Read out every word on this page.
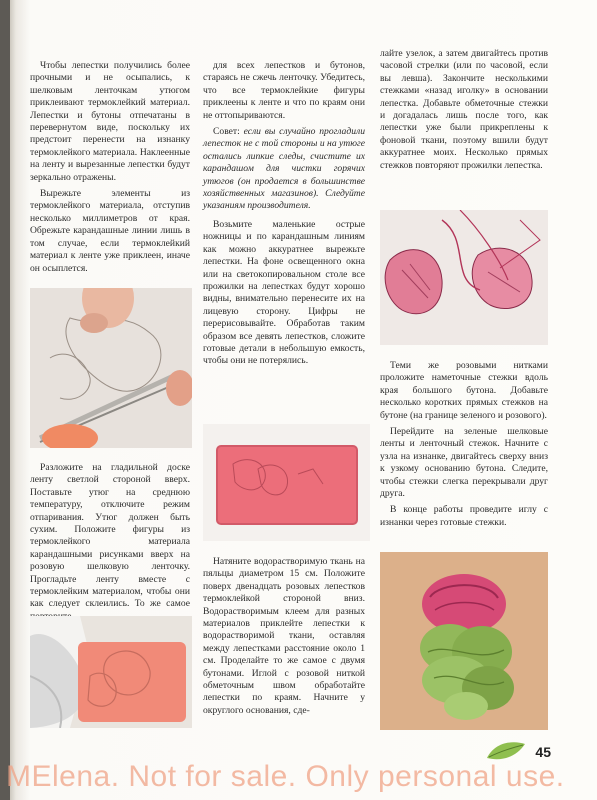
Чтобы лепестки получились более прочными и не осыпались, к шелковым ленточкам утюгом приклеивают термоклейкий материал. Лепестки и бутоны отпечатаны в перевернутом виде, поскольку их предстоит перенести на изнанку термоклейкого материала. Наклеенные на ленту и вырезанные лепестки будут зеркально отражены.

Вырежьте элементы из термоклейкого материала, отступив несколько миллиметров от края. Обрежьте карандашные линии лишь в том случае, если термоклейкий материал к ленте уже приклеен, иначе он осыплется.

Разложите на гладильной доске ленту светлой стороной вверх. Поставьте утюг на среднюю температуру, отключите режим отпаривания. Утюг должен быть сухим. Положите фигуры из термоклейкого материала карандашными рисунками вверх на розовую шелковую ленточку. Прогладьте ленту вместе с термоклейким материалом, чтобы они как следует склеились. То же самое

для всех лепестков и бутонов, стараясь не сжечь ленточку. Убедитесь, что все термоклейкие фигуры приклеены к ленте и что по краям они не оттопыриваются.

Совет: если вы случайно прогладили лепесток не с той стороны и на утюге остались липкие следы, счистите их карандашом для чистки горячих утюгов (он продается в большинстве хозяйственных магазинов). Следуйте указаниям производителя.

Возьмите маленькие острые ножницы и по карандашным линиям как можно аккуратнее вырежьте лепестки. На фоне освещенного окна или на светокопировальном столе все прожилки на лепестках будут хорошо видны, внимательно перенесите их на лицевую сторону. Цифры не перерисовывайте. Обработав таким образом все девять лепестков, сложите готовые детали в небольшую емкость, чтобы они не потерялись.

Натяните водорастворимую ткань на пяльцы диаметром 15 см. Положите поверх двенадцать розовых лепестков термоклейкой стороной вниз. Водорастворимым клеем для разных материалов приклейте лепестки к водорастворимой ткани, оставляя между лепестками расстояние около 1 см. Проделайте то же самое с двумя бутонами. Иглой с розовой ниткой обметочным швом обработайте лепестки по краям. Начните у округлого основания, сде-

лайте узелок, а затем двигайтесь против часовой стрелки (или по часовой, если вы левша). Закончите несколькими стежками «назад иголку» в основании лепестка. Добавьте обметочные стежки и догадалась лишь после того, как лепестки уже были прикреплены к фоновой ткани, поэтому вшили будут аккуратнее моих. Несколько прямых стежков повторяют прожилки лепестка.

Теми же розовыми нитками проложите наметочные стежки вдоль края большого бутона. Добавьте несколько коротких прямых стежков на бутоне (на границе зеленого и розового).

Перейдите на зеленые шелковые ленты и ленточный стежок. Начните с узла на изнанке, двигайтесь сверху вниз к узкому основанию бутона. Следите, чтобы стежки слегка перекрывали друг друга.

В конце работы проведите иглу с изнанки через готовые стежки.

45
MElena. Not for sale. Only personal use.
